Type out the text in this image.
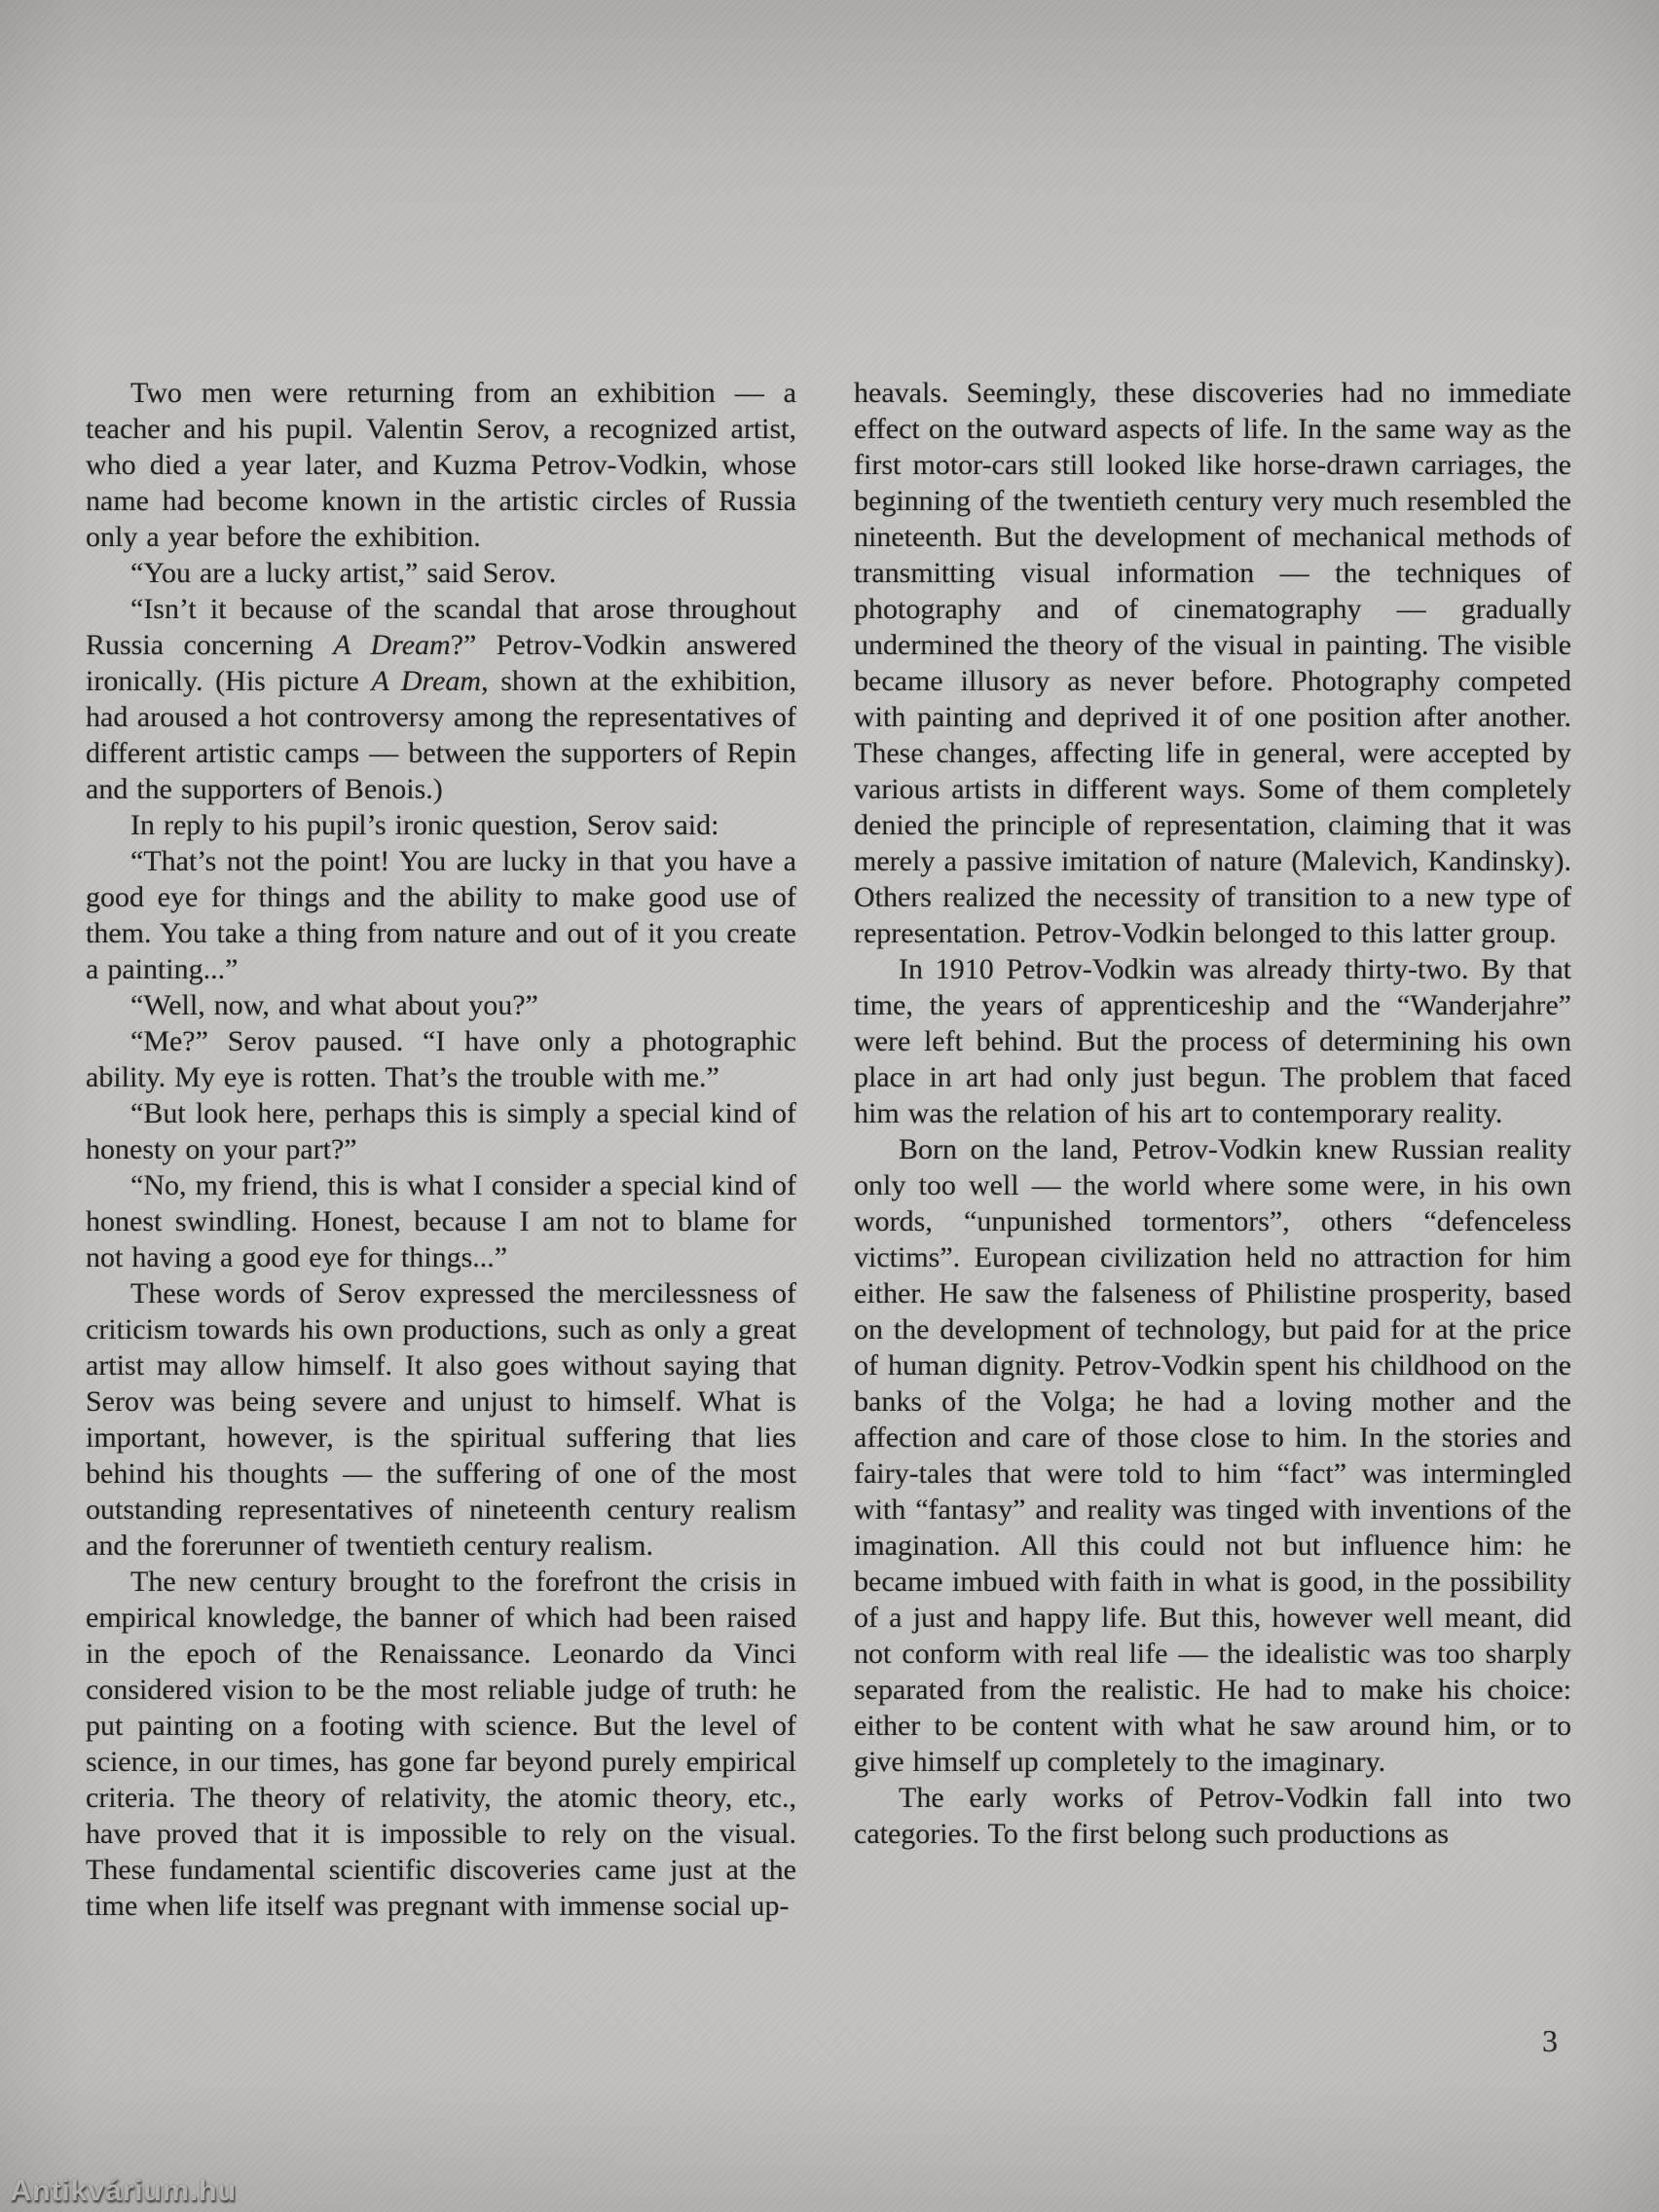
Two men were returning from an exhibition — a teacher and his pupil. Valentin Serov, a recognized artist, who died a year later, and Kuzma Petrov-Vodkin, whose name had become known in the artistic circles of Russia only a year before the exhibition.

“You are a lucky artist,” said Serov.

“Isn’t it because of the scandal that arose throughout Russia concerning A Dream?” Petrov-Vodkin answered ironically. (His picture A Dream, shown at the exhibition, had aroused a hot controversy among the representatives of different artistic camps — between the supporters of Repin and the supporters of Benois.)

In reply to his pupil’s ironic question, Serov said:

“That’s not the point! You are lucky in that you have a good eye for things and the ability to make good use of them. You take a thing from nature and out of it you create a painting...”

“Well, now, and what about you?”

“Me?” Serov paused. “I have only a photographic ability. My eye is rotten. That’s the trouble with me.”

“But look here, perhaps this is simply a special kind of honesty on your part?”

“No, my friend, this is what I consider a special kind of honest swindling. Honest, because I am not to blame for not having a good eye for things...”

These words of Serov expressed the mercilessness of criticism towards his own productions, such as only a great artist may allow himself. It also goes without saying that Serov was being severe and unjust to himself. What is important, however, is the spiritual suffering that lies behind his thoughts — the suffering of one of the most outstanding representatives of nineteenth century realism and the forerunner of twentieth century realism.

The new century brought to the forefront the crisis in empirical knowledge, the banner of which had been raised in the epoch of the Renaissance. Leonardo da Vinci considered vision to be the most reliable judge of truth: he put painting on a footing with science. But the level of science, in our times, has gone far beyond purely empirical criteria. The theory of relativity, the atomic theory, etc., have proved that it is impossible to rely on the visual. These fundamental scientific discoveries came just at the time when life itself was pregnant with immense social up-

heavals. Seemingly, these discoveries had no immediate effect on the outward aspects of life. In the same way as the first motor-cars still looked like horse-drawn carriages, the beginning of the twentieth century very much resembled the nineteenth. But the development of mechanical methods of transmitting visual information — the techniques of photography and of cinematography — gradually undermined the theory of the visual in painting. The visible became illusory as never before. Photography competed with painting and deprived it of one position after another. These changes, affecting life in general, were accepted by various artists in different ways. Some of them completely denied the principle of representation, claiming that it was merely a passive imitation of nature (Malevich, Kandinsky). Others realized the necessity of transition to a new type of representation. Petrov-Vodkin belonged to this latter group.

In 1910 Petrov-Vodkin was already thirty-two. By that time, the years of apprenticeship and the “Wanderjahre” were left behind. But the process of determining his own place in art had only just begun. The problem that faced him was the relation of his art to contemporary reality.

Born on the land, Petrov-Vodkin knew Russian reality only too well — the world where some were, in his own words, “unpunished tormentors”, others “defenceless victims”. European civilization held no attraction for him either. He saw the falseness of Philistine prosperity, based on the development of technology, but paid for at the price of human dignity. Petrov-Vodkin spent his childhood on the banks of the Volga; he had a loving mother and the affection and care of those close to him. In the stories and fairy-tales that were told to him “fact” was intermingled with “fantasy” and reality was tinged with inventions of the imagination. All this could not but influence him: he became imbued with faith in what is good, in the possibility of a just and happy life. But this, however well meant, did not conform with real life — the idealistic was too sharply separated from the realistic. He had to make his choice: either to be content with what he saw around him, or to give himself up completely to the imaginary.

The early works of Petrov-Vodkin fall into two categories. To the first belong such productions as

3
Antikvárium.hu
